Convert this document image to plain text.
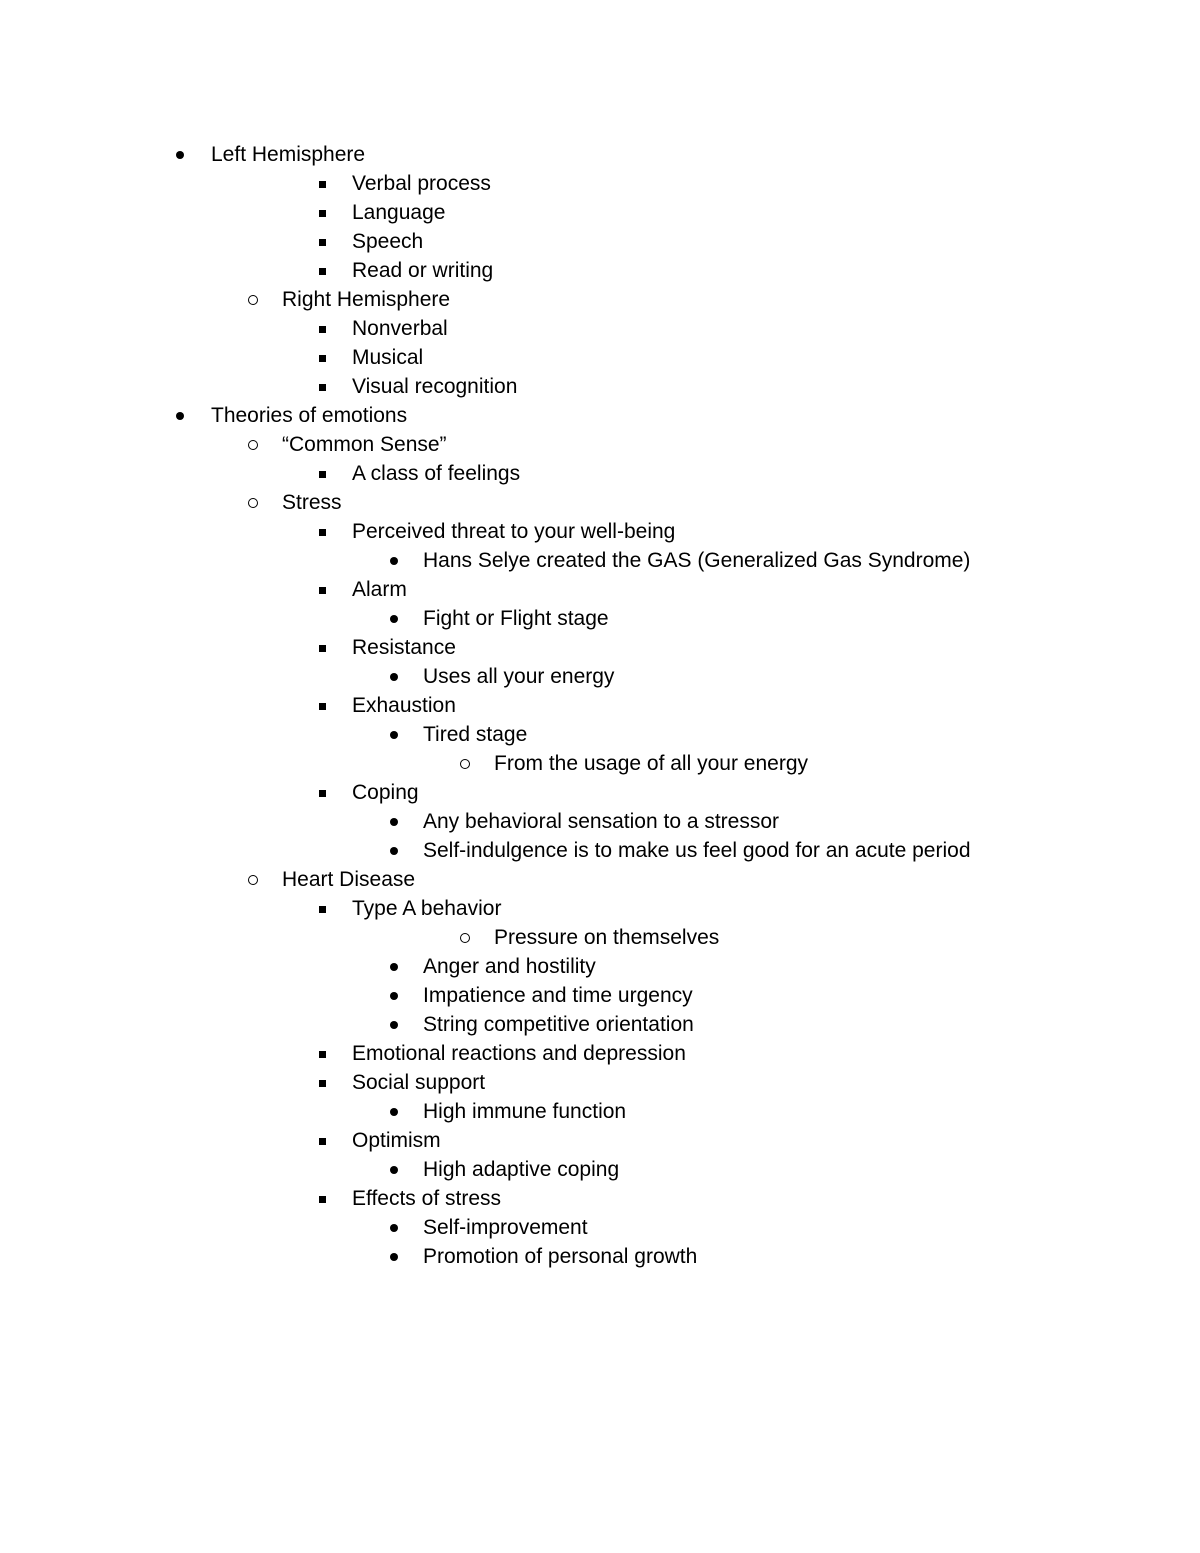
Left Hemisphere
Verbal process
Language
Speech
Read or writing
Right Hemisphere
Nonverbal
Musical
Visual recognition
Theories of emotions
“Common Sense”
A class of feelings
Stress
Perceived threat to your well-being
Hans Selye created the GAS (Generalized Gas Syndrome)
Alarm
Fight or Flight stage
Resistance
Uses all your energy
Exhaustion
Tired stage
From the usage of all your energy
Coping
Any behavioral sensation to a stressor
Self-indulgence is to make us feel good for an acute period
Heart Disease
Type A behavior
Pressure on themselves
Anger and hostility
Impatience and time urgency
String competitive orientation
Emotional reactions and depression
Social support
High immune function
Optimism
High adaptive coping
Effects of stress
Self-improvement
Promotion of personal growth
